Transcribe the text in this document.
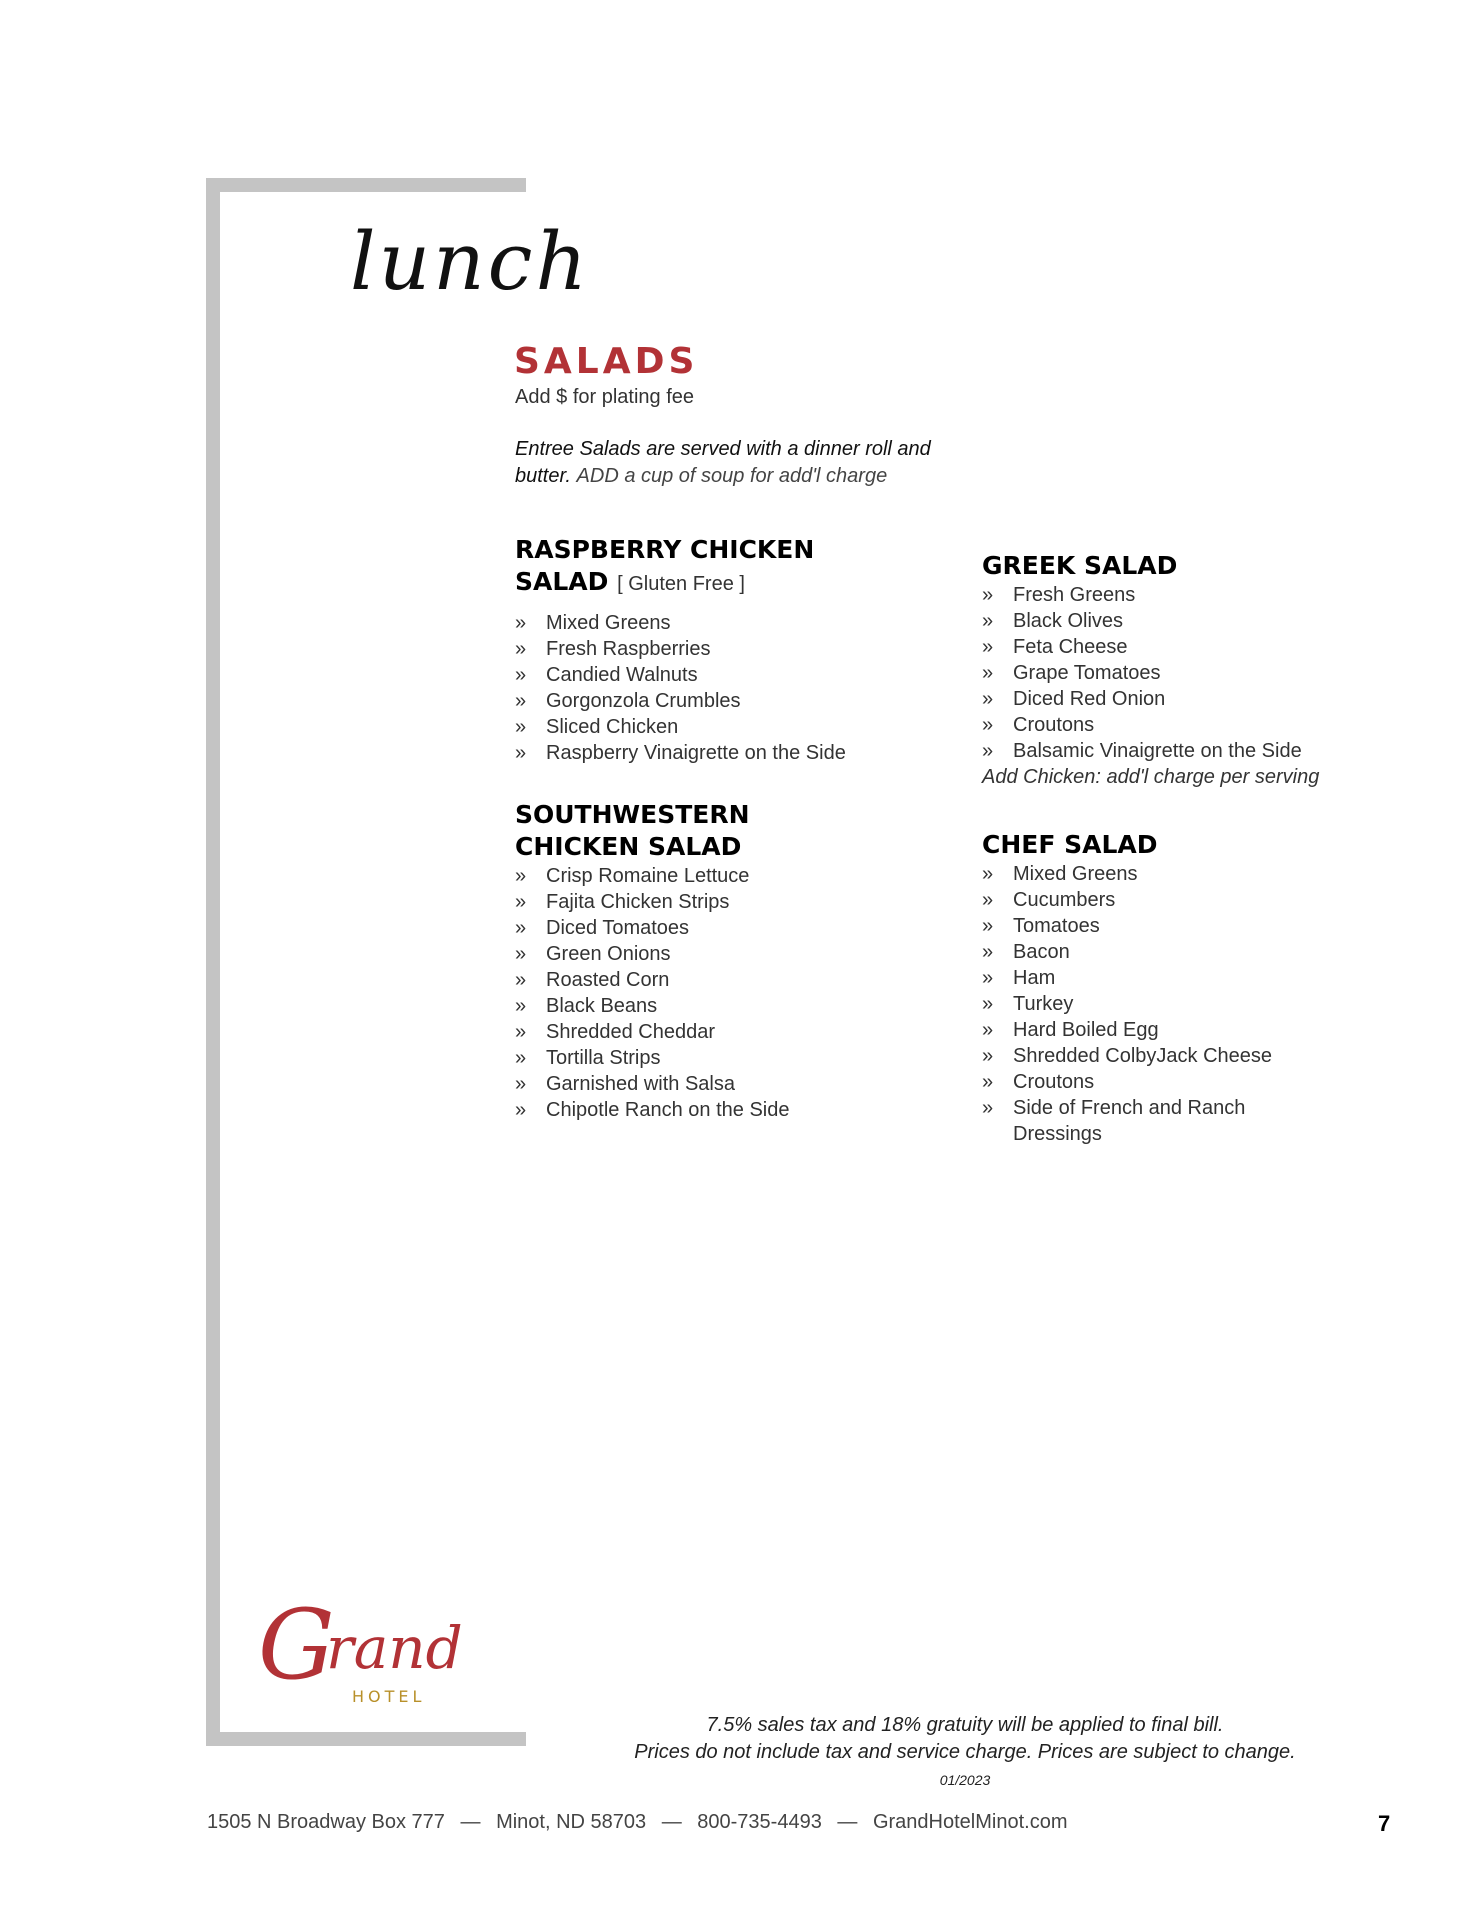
lunch
SALADS
Add $ for plating fee
Entree Salads are served with a dinner roll and butter. ADD a cup of soup for add'l charge
RASPBERRY CHICKEN
SALAD [ Gluten Free ]
» Mixed Greens
» Fresh Raspberries
» Candied Walnuts
» Gorgonzola Crumbles
» Sliced Chicken
» Raspberry Vinaigrette on the Side
SOUTHWESTERN
CHICKEN SALAD
» Crisp Romaine Lettuce
» Fajita Chicken Strips
» Diced Tomatoes
» Green Onions
» Roasted Corn
» Black Beans
» Shredded Cheddar
» Tortilla Strips
» Garnished with Salsa
» Chipotle Ranch on the Side
GREEK SALAD
» Fresh Greens
» Black Olives
» Feta Cheese
» Grape Tomatoes
» Diced Red Onion
» Croutons
» Balsamic Vinaigrette on the Side
Add Chicken: add'l charge per serving
CHEF SALAD
» Mixed Greens
» Cucumbers
» Tomatoes
» Bacon
» Ham
» Turkey
» Hard Boiled Egg
» Shredded ColbyJack Cheese
» Croutons
» Side of French and Ranch Dressings
G
rand
HOTEL
7.5% sales tax and 18% gratuity will be applied to final bill.
Prices do not include tax and service charge. Prices are subject to change.
01/2023
1505 N Broadway Box 777 — Minot, ND 58703 — 800-735-4493 — GrandHotelMinot.com	7
